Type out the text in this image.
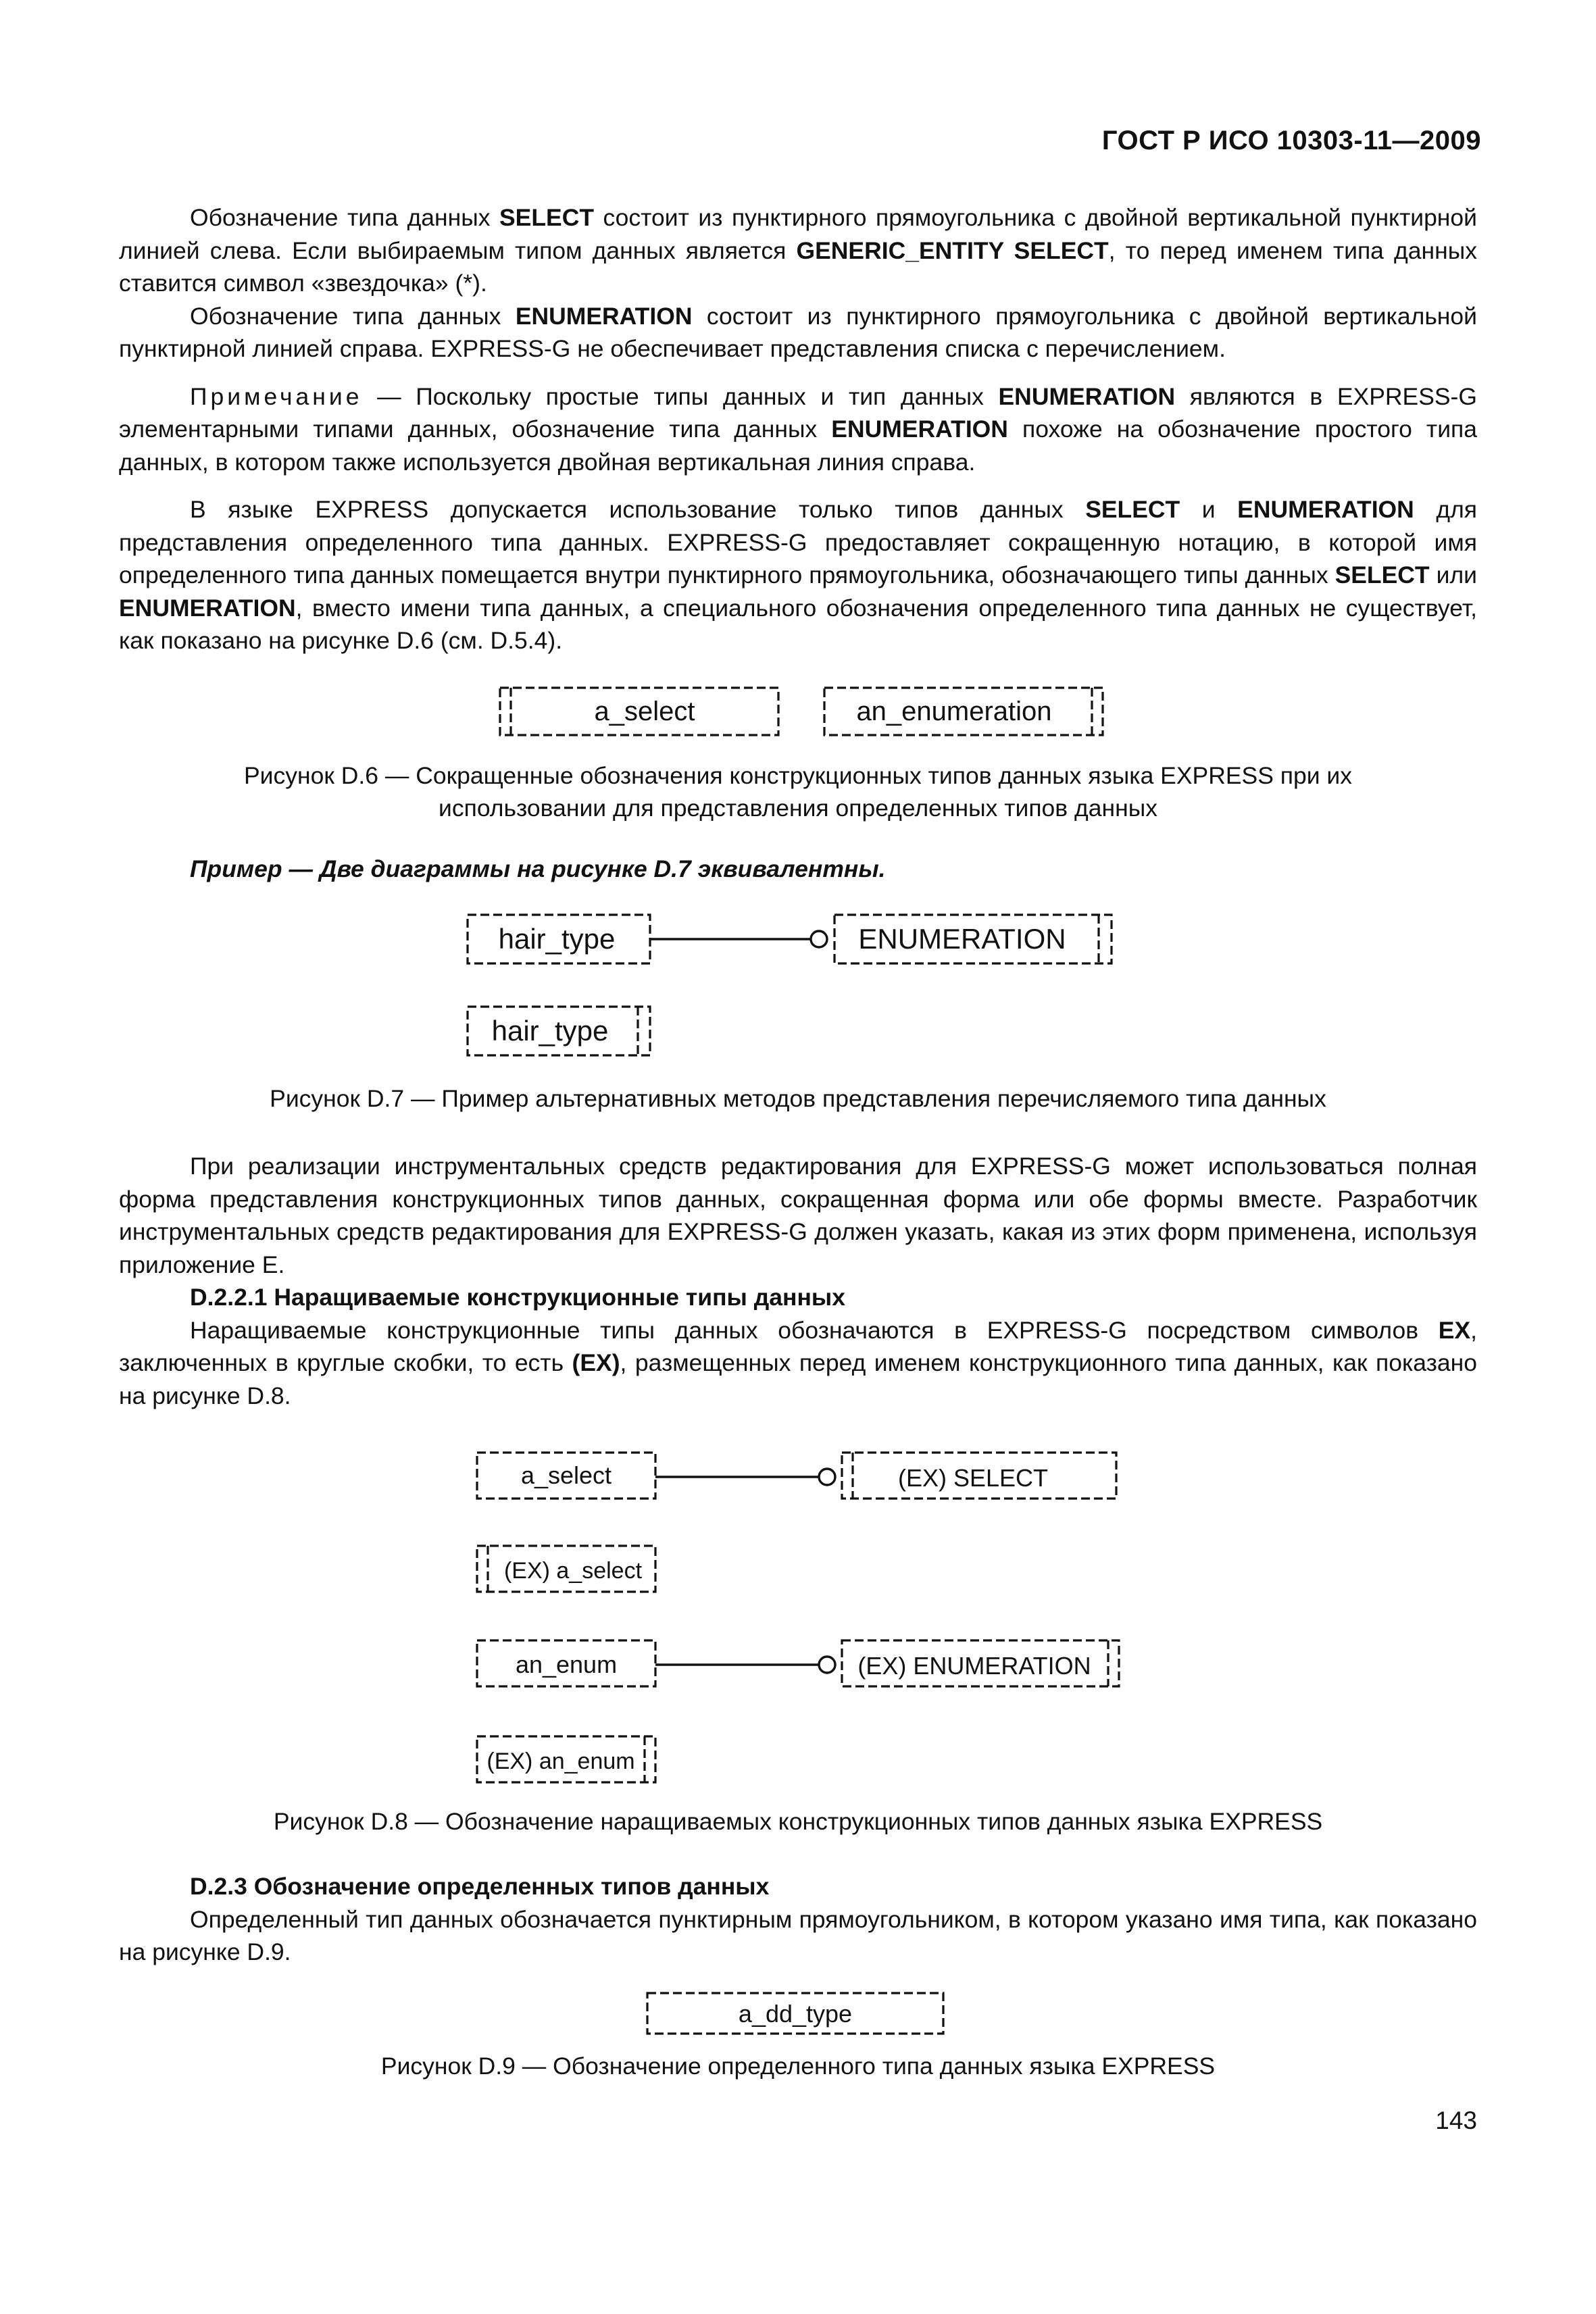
ГОСТ Р ИСО 10303-11—2009

Обозначение типа данных SELECT состоит из пунктирного прямоугольника с двойной вертикальной пунктирной линией слева. Если выбираемым типом данных является GENERIC_ENTITY SELECT, то перед именем типа данных ставится символ «звездочка» (*).

Обозначение типа данных ENUMERATION состоит из пунктирного прямоугольника с двойной вертикальной пунктирной линией справа. EXPRESS-G не обеспечивает представления списка с перечислением.

Примечание — Поскольку простые типы данных и тип данных ENUMERATION являются в EXPRESS-G элементарными типами данных, обозначение типа данных ENUMERATION похоже на обозначение простого типа данных, в котором также используется двойная вертикальная линия справа.

В языке EXPRESS допускается использование только типов данных SELECT и ENUMERATION для представления определенного типа данных. EXPRESS-G предоставляет сокращенную нотацию, в которой имя определенного типа данных помещается внутри пунктирного прямоугольника, обозначающего типы данных SELECT или ENUMERATION, вместо имени типа данных, а специального обозначения определенного типа данных не существует, как показано на рисунке D.6 (см. D.5.4).

a_select	an_enumeration

Рисунок D.6 — Сокращенные обозначения конструкционных типов данных языка EXPRESS при их

использовании для представления определенных типов данных

Пример — Две диаграммы на рисунке D.7 эквивалентны.

hair_type	ENUMERATION
hair_type

Рисунок D.7 — Пример альтернативных методов представления перечисляемого типа данных

При реализации инструментальных средств редактирования для EXPRESS-G может использоваться полная форма представления конструкционных типов данных, сокращенная форма или обе формы вместе. Разработчик инструментальных средств редактирования для EXPRESS-G должен указать, какая из этих форм применена, используя приложение E.

D.2.2.1 Наращиваемые конструкционные типы данных

Наращиваемые конструкционные типы данных обозначаются в EXPRESS-G посредством символов EX, заключенных в круглые скобки, то есть (EX), размещенных перед именем конструкционного типа данных, как показано на рисунке D.8.

a_select	(EX) SELECT
(EX) a_select
an_enum	(EX) ENUMERATION
(EX) an_enum

Рисунок D.8 — Обозначение наращиваемых конструкционных типов данных языка EXPRESS

D.2.3 Обозначение определенных типов данных

Определенный тип данных обозначается пунктирным прямоугольником, в котором указано имя типа, как показано на рисунке D.9.

a_dd_type

Рисунок D.9 — Обозначение определенного типа данных языка EXPRESS

143
